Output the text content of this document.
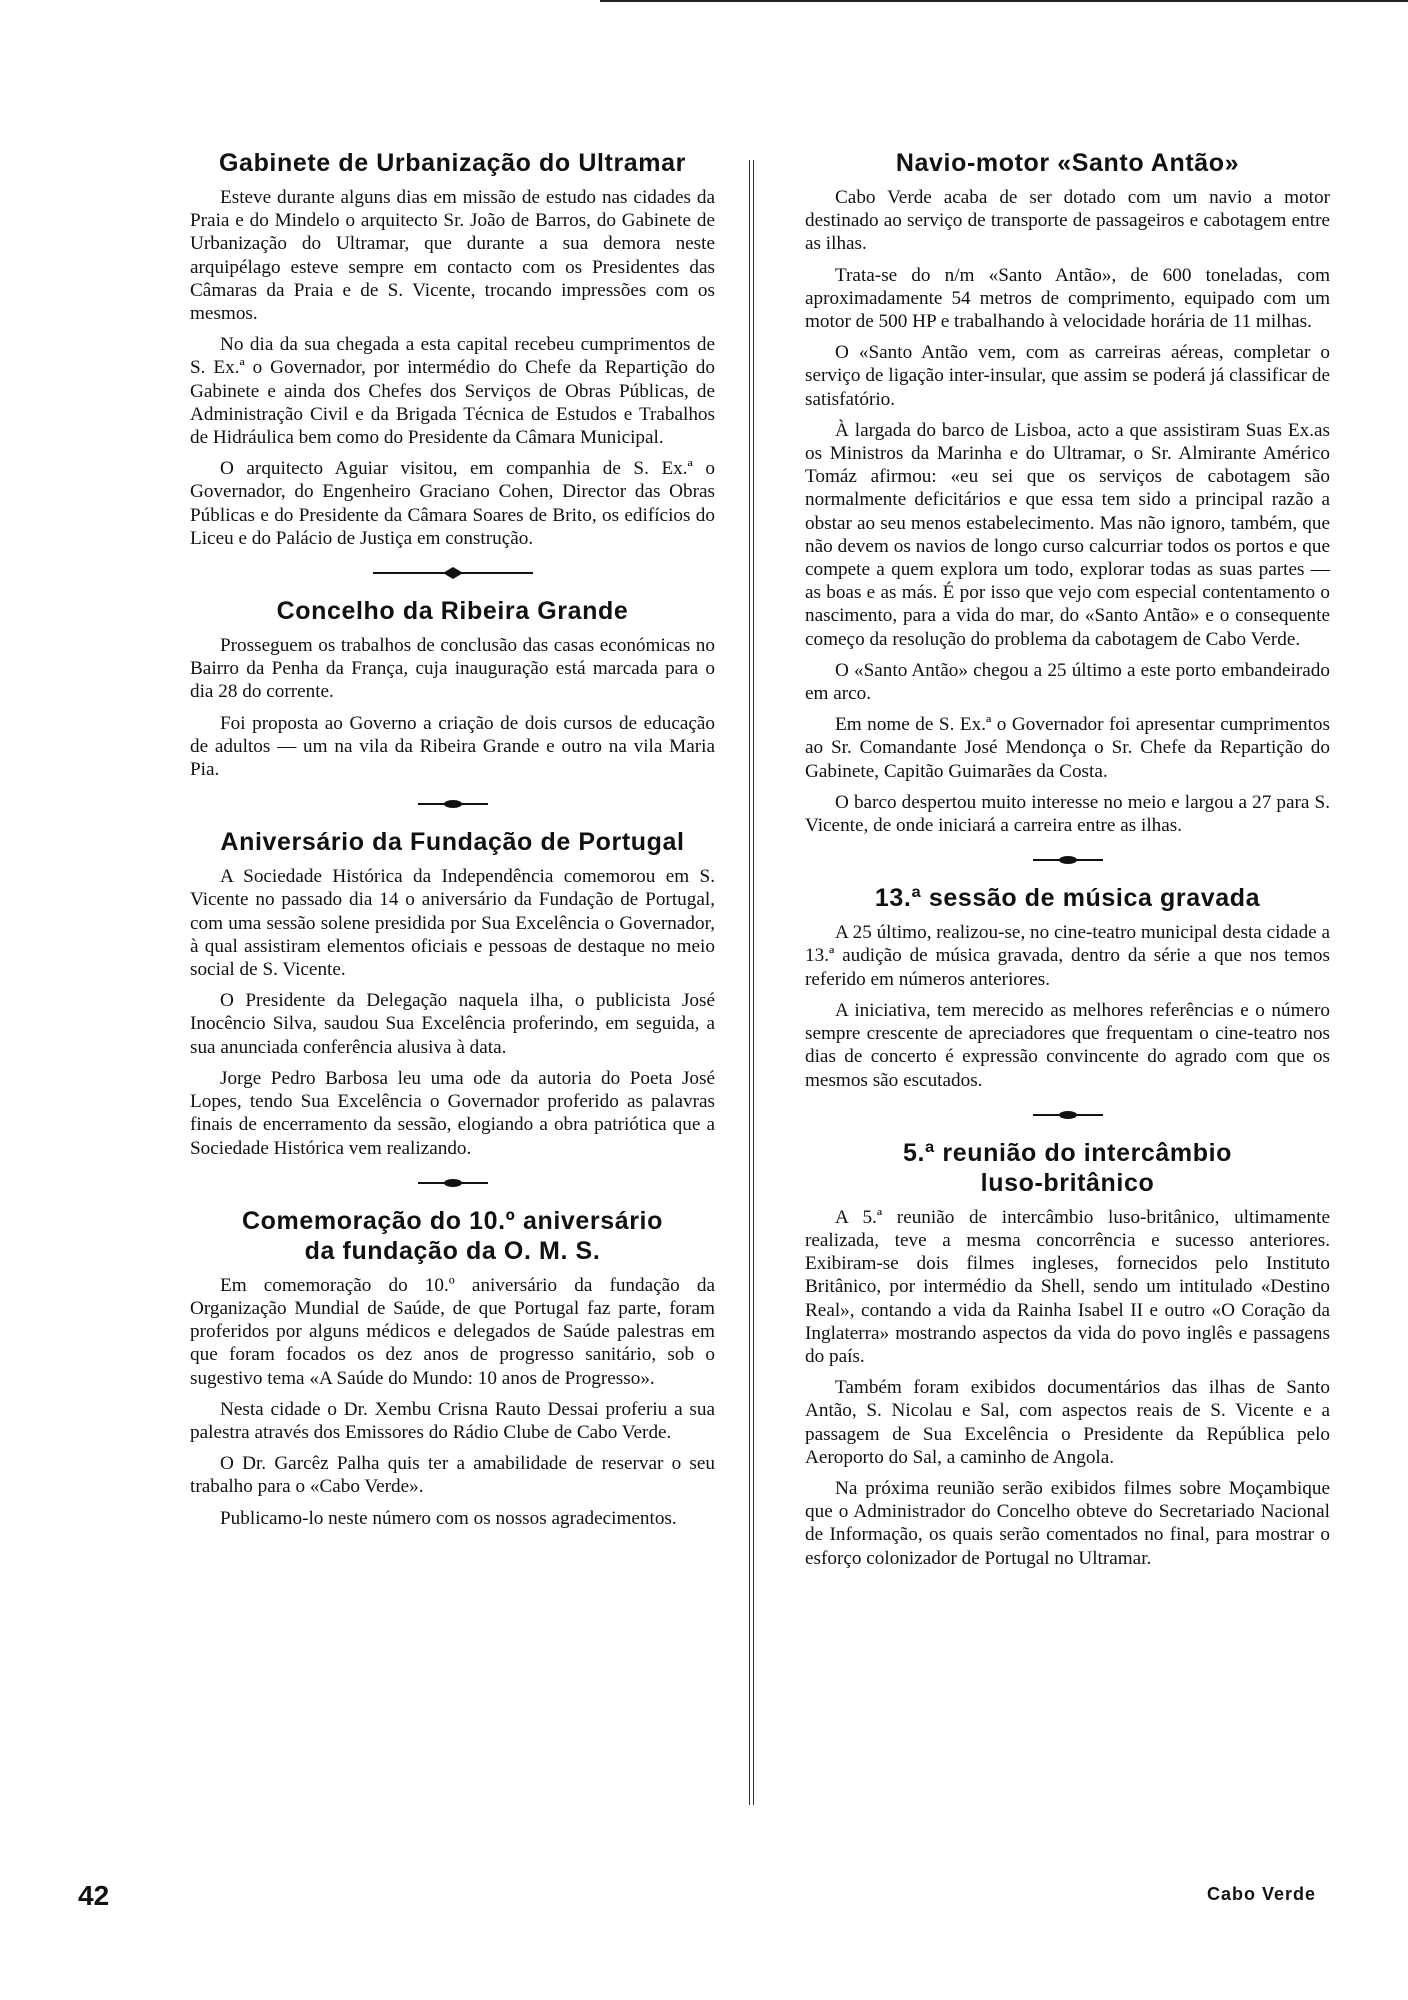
Gabinete de Urbanização do Ultramar

Esteve durante alguns dias em missão de estudo nas cidades da Praia e do Mindelo o arquitecto Sr. João de Barros, do Gabinete de Urbanização do Ultramar, que durante a sua demora neste arquipélago esteve sempre em contacto com os Presidentes das Câmaras da Praia e de S. Vicente, trocando impressões com os mesmos.

No dia da sua chegada a esta capital recebeu cumprimentos de S. Ex.ª o Governador, por intermédio do Chefe da Repartição do Gabinete e ainda dos Chefes dos Serviços de Obras Públicas, de Administração Civil e da Brigada Técnica de Estudos e Trabalhos de Hidráulica bem como do Presidente da Câmara Municipal.

O arquitecto Aguiar visitou, em companhia de S. Ex.ª o Governador, do Engenheiro Graciano Cohen, Director das Obras Públicas e do Presidente da Câmara Soares de Brito, os edifícios do Liceu e do Palácio de Justiça em construção.

Concelho da Ribeira Grande

Prosseguem os trabalhos de conclusão das casas económicas no Bairro da Penha da França, cuja inauguração está marcada para o dia 28 do corrente.

Foi proposta ao Governo a criação de dois cursos de educação de adultos — um na vila da Ribeira Grande e outro na vila Maria Pia.

Aniversário da Fundação de Portugal

A Sociedade Histórica da Independência comemorou em S. Vicente no passado dia 14 o aniversário da Fundação de Portugal, com uma sessão solene presidida por Sua Excelência o Governador, à qual assistiram elementos oficiais e pessoas de destaque no meio social de S. Vicente.

O Presidente da Delegação naquela ilha, o publicista José Inocêncio Silva, saudou Sua Excelência proferindo, em seguida, a sua anunciada conferência alusiva à data.

Jorge Pedro Barbosa leu uma ode da autoria do Poeta José Lopes, tendo Sua Excelência o Governador proferido as palavras finais de encerramento da sessão, elogiando a obra patriótica que a Sociedade Histórica vem realizando.

Comemoração do 10.º aniversário
da fundação da O. M. S.

Em comemoração do 10.º aniversário da fundação da Organização Mundial de Saúde, de que Portugal faz parte, foram proferidos por alguns médicos e delegados de Saúde palestras em que foram focados os dez anos de progresso sanitário, sob o sugestivo tema «A Saúde do Mundo: 10 anos de Progresso».

Nesta cidade o Dr. Xembu Crisna Rauto Dessai proferiu a sua palestra através dos Emissores do Rádio Clube de Cabo Verde.

O Dr. Garcêz Palha quis ter a amabilidade de reservar o seu trabalho para o «Cabo Verde».

Publicamo-lo neste número com os nossos agradecimentos.

Navio-motor «Santo Antão»

Cabo Verde acaba de ser dotado com um navio a motor destinado ao serviço de transporte de passageiros e cabotagem entre as ilhas.

Trata-se do n/m «Santo Antão», de 600 toneladas, com aproximadamente 54 metros de comprimento, equipado com um motor de 500 HP e trabalhando à velocidade horária de 11 milhas.

O «Santo Antão vem, com as carreiras aéreas, completar o serviço de ligação inter-insular, que assim se poderá já classificar de satisfatório.

À largada do barco de Lisboa, acto a que assistiram Suas Ex.as os Ministros da Marinha e do Ultramar, o Sr. Almirante Américo Tomáz afirmou: «eu sei que os serviços de cabotagem são normalmente deficitários e que essa tem sido a principal razão a obstar ao seu menos estabelecimento. Mas não ignoro, também, que não devem os navios de longo curso calcurriar todos os portos e que compete a quem explora um todo, explorar todas as suas partes — as boas e as más. É por isso que vejo com especial contentamento o nascimento, para a vida do mar, do «Santo Antão» e o consequente começo da resolução do problema da cabotagem de Cabo Verde.

O «Santo Antão» chegou a 25 último a este porto embandeirado em arco.

Em nome de S. Ex.ª o Governador foi apresentar cumprimentos ao Sr. Comandante José Mendonça o Sr. Chefe da Repartição do Gabinete, Capitão Guimarães da Costa.

O barco despertou muito interesse no meio e largou a 27 para S. Vicente, de onde iniciará a carreira entre as ilhas.

13.ª sessão de música gravada

A 25 último, realizou-se, no cine-teatro municipal desta cidade a 13.ª audição de música gravada, dentro da série a que nos temos referido em números anteriores.

A iniciativa, tem merecido as melhores referências e o número sempre crescente de apreciadores que frequentam o cine-teatro nos dias de concerto é expressão convincente do agrado com que os mesmos são escutados.

5.ª reunião do intercâmbio
luso-britânico

A 5.ª reunião de intercâmbio luso-britânico, ultimamente realizada, teve a mesma concorrência e sucesso anteriores. Exibiram-se dois filmes ingleses, fornecidos pelo Instituto Britânico, por intermédio da Shell, sendo um intitulado «Destino Real», contando a vida da Rainha Isabel II e outro «O Coração da Inglaterra» mostrando aspectos da vida do povo inglês e passagens do país.

Também foram exibidos documentários das ilhas de Santo Antão, S. Nicolau e Sal, com aspectos reais de S. Vicente e a passagem de Sua Excelência o Presidente da República pelo Aeroporto do Sal, a caminho de Angola.

Na próxima reunião serão exibidos filmes sobre Moçambique que o Administrador do Concelho obteve do Secretariado Nacional de Informação, os quais serão comentados no final, para mostrar o esforço colonizador de Portugal no Ultramar.

42	Cabo Verde
